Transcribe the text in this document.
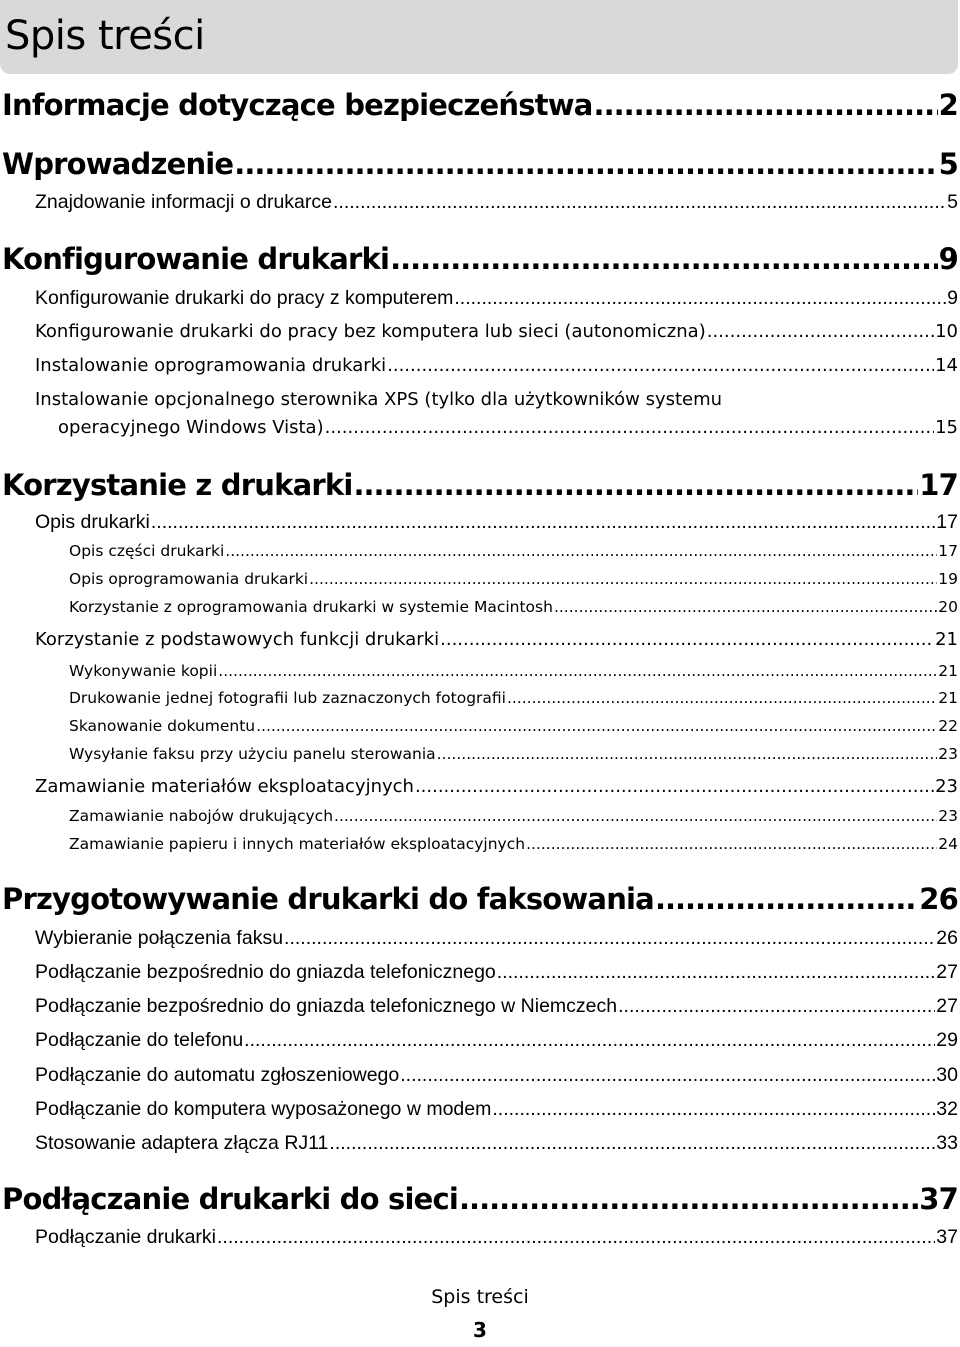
Spis treści
Informacje dotyczące bezpieczeństwa .....	2
Wprowadzenie .....	5
Znajdowanie informacji o drukarce .....	5
Konfigurowanie drukarki .....	9
Konfigurowanie drukarki do pracy z komputerem .....	9
Konfigurowanie drukarki do pracy bez komputera lub sieci (autonomiczna) .....	10
Instalowanie oprogramowania drukarki .....	14
Instalowanie opcjonalnego sterownika XPS (tylko dla użytkowników systemu
operacyjnego Windows Vista) .....	15
Korzystanie z drukarki .....	17
Opis drukarki .....	17
Opis części drukarki .....	17
Opis oprogramowania drukarki .....	19
Korzystanie z oprogramowania drukarki w systemie Macintosh .....	20
Korzystanie z podstawowych funkcji drukarki .....	21
Wykonywanie kopii .....	21
Drukowanie jednej fotografii lub zaznaczonych fotografii .....	21
Skanowanie dokumentu .....	22
Wysyłanie faksu przy użyciu panelu sterowania .....	23
Zamawianie materiałów eksploatacyjnych .....	23
Zamawianie nabojów drukujących .....	23
Zamawianie papieru i innych materiałów eksploatacyjnych .....	24
Przygotowywanie drukarki do faksowania .....	26
Wybieranie połączenia faksu .....	26
Podłączanie bezpośrednio do gniazda telefonicznego .....	27
Podłączanie bezpośrednio do gniazda telefonicznego w Niemczech .....	27
Podłączanie do telefonu .....	29
Podłączanie do automatu zgłoszeniowego .....	30
Podłączanie do komputera wyposażonego w modem .....	32
Stosowanie adaptera złącza RJ11 .....	33
Podłączanie drukarki do sieci .....	37
Podłączanie drukarki .....	37
Spis treści
3
